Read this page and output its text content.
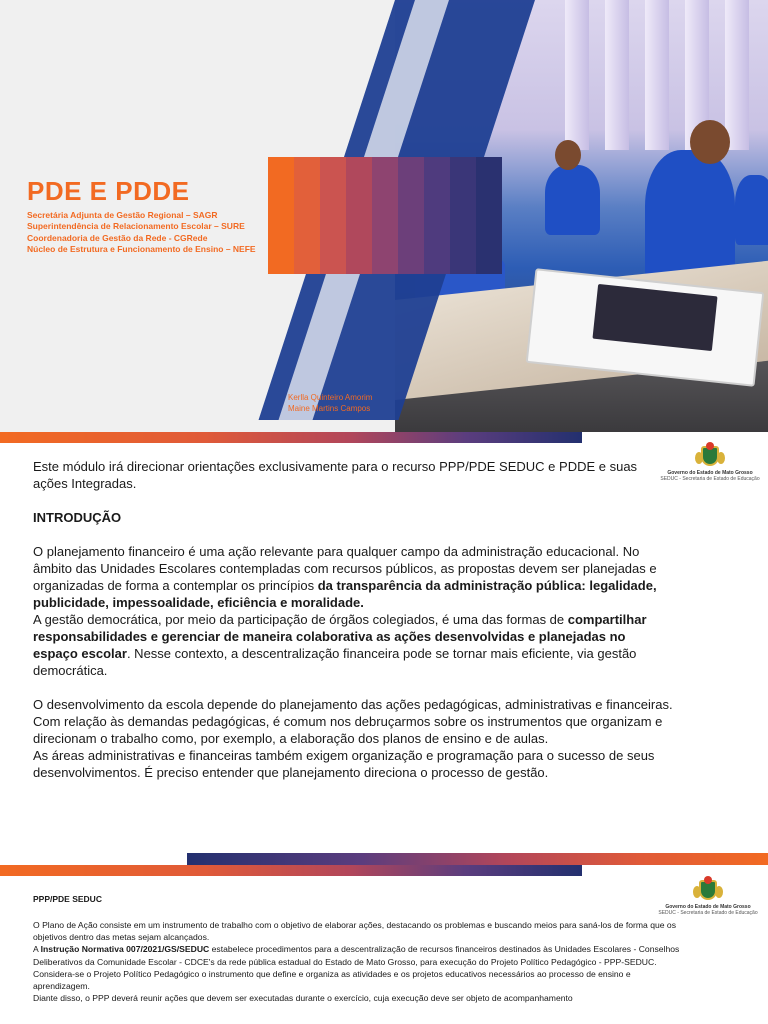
PDE E PDDE
Secretária Adjunta de Gestão Regional – SAGR
Superintendência de Relacionamento Escolar – SURE
Coordenadoria de Gestão da Rede - CGRede
Núcleo de Estrutura e Funcionamento de Ensino – NEFE
Kerlla Quinteiro Amorim
Maine Martins Campos
Governo do Estado de Mato Grosso
SEDUC - Secretaria de Estado de Educação

Este módulo irá direcionar orientações exclusivamente para o recurso PPP/PDE SEDUC e PDDE e suas ações Integradas.

INTRODUÇÃO

O planejamento financeiro é uma ação relevante para qualquer campo da administração educacional. No âmbito das Unidades Escolares contempladas com recursos públicos, as propostas devem ser planejadas e organizadas de forma a contemplar os princípios da transparência da administração pública: legalidade, publicidade, impessoalidade, eficiência e moralidade.

A gestão democrática, por meio da participação de órgãos colegiados, é uma das formas de compartilhar responsabilidades e gerenciar de maneira colaborativa as ações desenvolvidas e planejadas no espaço escolar. Nesse contexto, a descentralização financeira pode se tornar mais eficiente, via gestão democrática.

O desenvolvimento da escola depende do planejamento das ações pedagógicas, administrativas e financeiras. Com relação às demandas pedagógicas, é comum nos debruçarmos sobre os instrumentos que organizam e direcionam o trabalho como, por exemplo, a elaboração dos planos de ensino e de aulas.

As áreas administrativas e financeiras também exigem organização e programação para o sucesso de seus desenvolvimentos. É preciso entender que planejamento direciona o processo de gestão.

Governo do Estado de Mato Grosso
SEDUC - Secretaria de Estado de Educação
PPP/PDE SEDUC

O Plano de Ação consiste em um instrumento de trabalho com o objetivo de elaborar ações, destacando os problemas e buscando meios para saná-los de forma que os objetivos dentro das metas sejam alcançados.

A Instrução Normativa 007/2021/GS/SEDUC estabelece procedimentos para a descentralização de recursos financeiros destinados às Unidades Escolares - Conselhos Deliberativos da Comunidade Escolar - CDCE's da rede pública estadual do Estado de Mato Grosso, para execução do Projeto Político Pedagógico - PPP-SEDUC.

Considera-se o Projeto Político Pedagógico o instrumento que define e organiza as atividades e os projetos educativos necessários ao processo de ensino e aprendizagem.

Diante disso, o PPP deverá reunir ações que devem ser executadas durante o exercício, cuja execução deve ser objeto de acompanhamento
